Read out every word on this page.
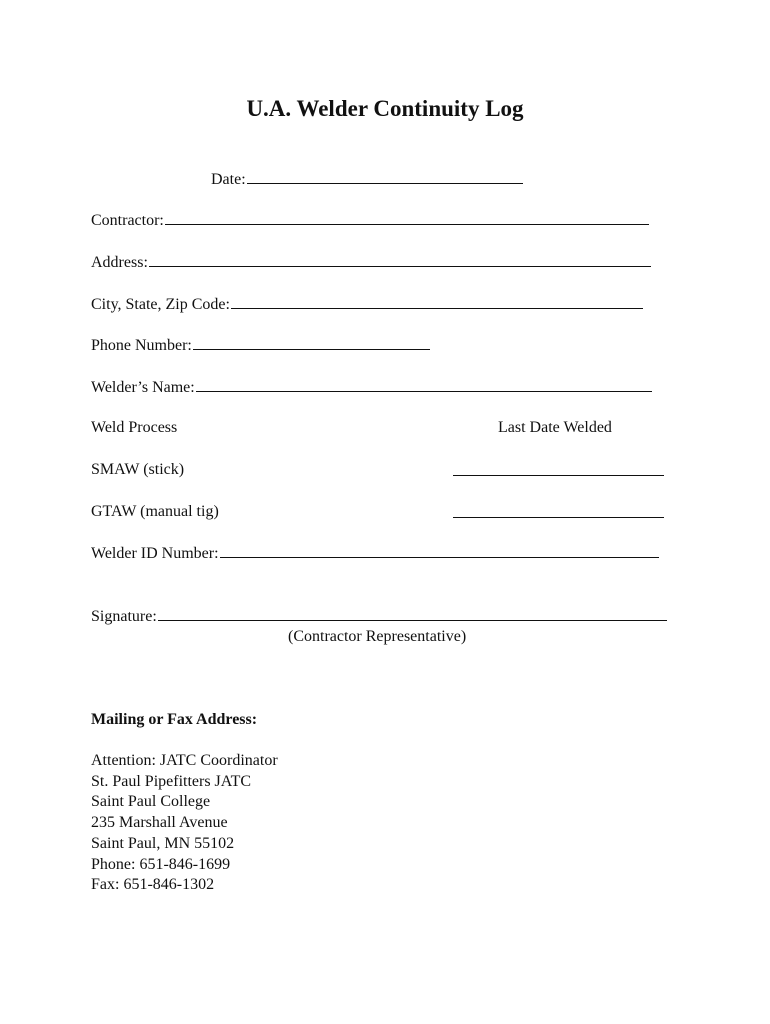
U.A. Welder Continuity Log
Date:
Contractor:
Address:
City, State, Zip Code:
Phone Number:
Welder’s Name:
Weld Process	Last Date Welded
SMAW (stick)
GTAW (manual tig)
Welder ID Number:
Signature:
(Contractor Representative)
Mailing or Fax Address:
Attention: JATC Coordinator
St. Paul Pipefitters JATC
Saint Paul College
235 Marshall Avenue
Saint Paul, MN 55102
Phone: 651-846-1699
Fax: 651-846-1302
